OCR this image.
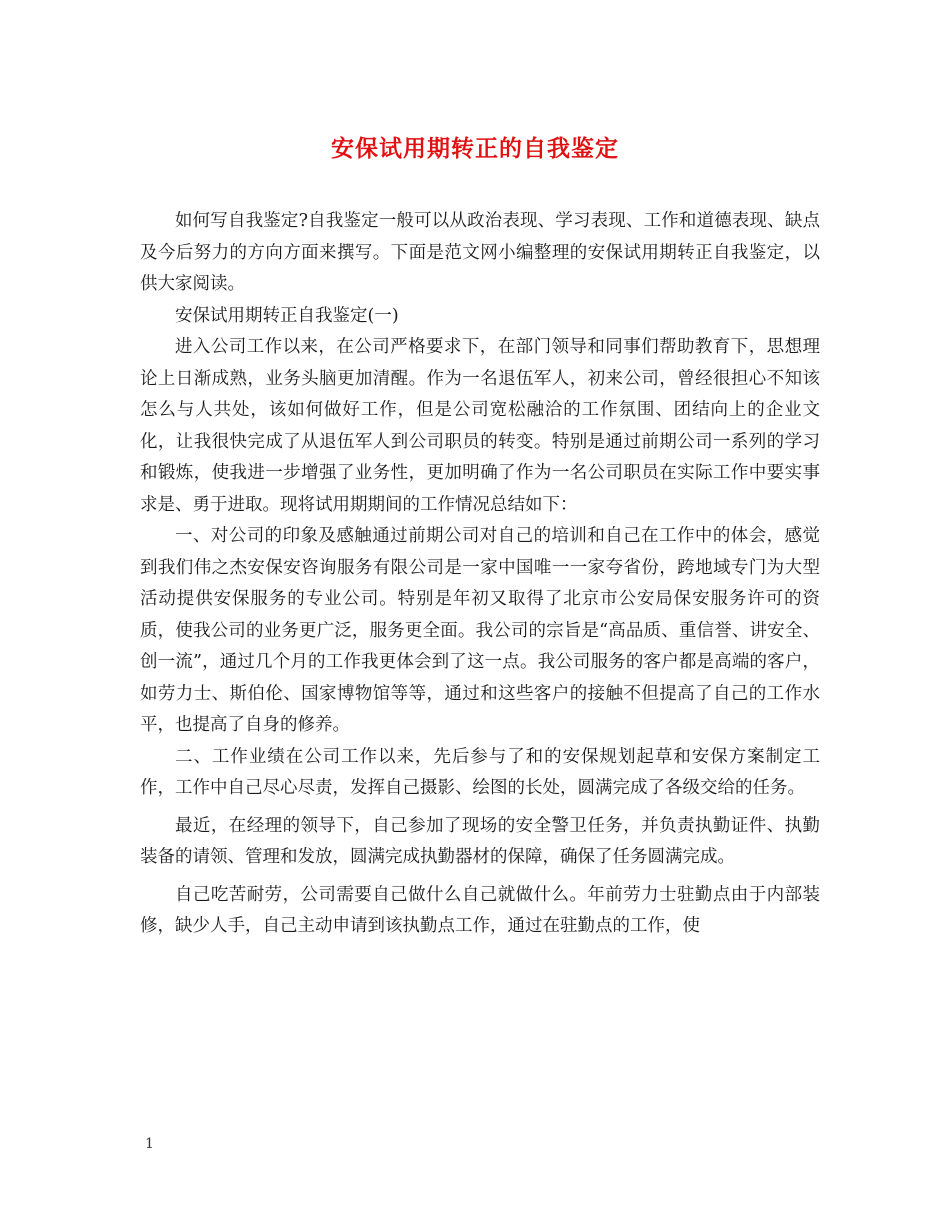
安保试用期转正的自我鉴定

如何写自我鉴定?自我鉴定一般可以从政治表现、学习表现、工作和道德表现、缺点及今后努力的方向方面来撰写。下面是范文网小编整理的安保试用期转正自我鉴定，以供大家阅读。

安保试用期转正自我鉴定(一)

进入公司工作以来，在公司严格要求下，在部门领导和同事们帮助教育下，思想理论上日渐成熟，业务头脑更加清醒。作为一名退伍军人，初来公司，曾经很担心不知该怎么与人共处，该如何做好工作，但是公司宽松融洽的工作氛围、团结向上的企业文化，让我很快完成了从退伍军人到公司职员的转变。特别是通过前期公司一系列的学习和锻炼，使我进一步增强了业务性，更加明确了作为一名公司职员在实际工作中要实事求是、勇于进取。现将试用期期间的工作情况总结如下：

一、对公司的印象及感触通过前期公司对自己的培训和自己在工作中的体会，感觉到我们伟之杰安保安咨询服务有限公司是一家中国唯一一家夸省份，跨地域专门为大型活动提供安保服务的专业公司。特别是年初又取得了北京市公安局保安服务许可的资质，使我公司的业务更广泛，服务更全面。我公司的宗旨是“高品质、重信誉、讲安全、创一流”，通过几个月的工作我更体会到了这一点。我公司服务的客户都是高端的客户，如劳力士、斯伯伦、国家博物馆等等，通过和这些客户的接触不但提高了自己的工作水平，也提高了自身的修养。

二、工作业绩在公司工作以来，先后参与了和的安保规划起草和安保方案制定工作，工作中自己尽心尽责，发挥自己摄影、绘图的长处，圆满完成了各级交给的任务。

最近，在经理的领导下，自己参加了现场的安全警卫任务，并负责执勤证件、执勤装备的请领、管理和发放，圆满完成执勤器材的保障，确保了任务圆满完成。

自己吃苦耐劳，公司需要自己做什么自己就做什么。年前劳力士驻勤点由于内部装修，缺少人手，自己主动申请到该执勤点工作，通过在驻勤点的工作，使

1
